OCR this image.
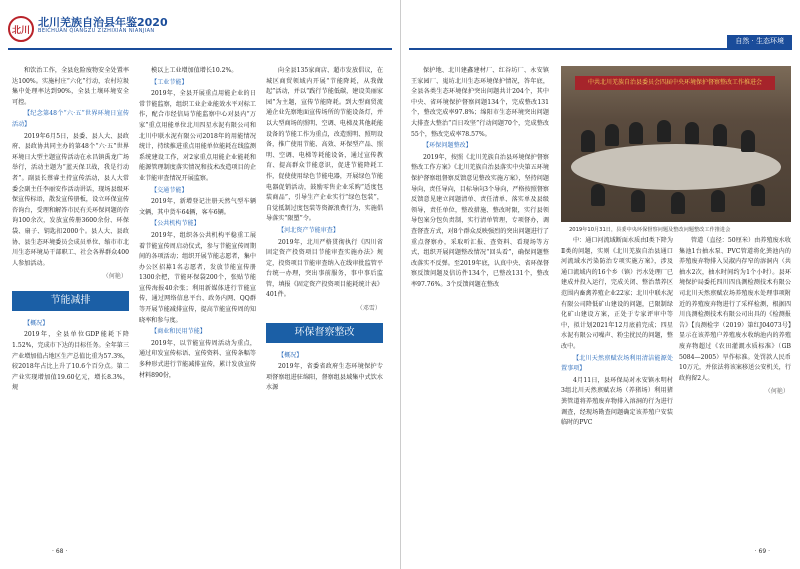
北川
北川羌族自治县年鉴2020
BEICHUAN QIANGZU ZIZHIXIAN NIANJIAN

和饮治工作，全县危险废物安全处置率达100%。实施村庄“六化”行动，农村垃圾集中处理率达到90%，全县土壤环境安全可控。

【纪念第48个“六·五”世界环境日宣传活动】

2019年6月5日，县委、县人大、县政府、县政协共同主办的第48个“六·五”世界环境日大型主题宣传活动在永昌镇禹龙广场举行，活动主题为“蓝天保卫战，我是行动者”。副县长蔡睿主持宣传活动，县人大常委会副主任李丽安作活动讲话，现场县级环保宣传标语，散发宣传册板，设立环保宣传咨询台，受理和解答市民有关环保问题的咨询100余次，发放宣传册3600余份、环保袋、扇子、钥匙扣2000个。县人大、县政协、县生态环境委员会成员单位、缩市市北川生态环境局干部职工、社会各界群众400人参加活动。

（何艳）
节能减排

【概况】

2019年，全县单位GDP能耗下降1.52%，完成市下达的目标任务。全年第三产业增加值占地区生产总值比重为57.3%，较2018年占比上升了10.6个百分点。第二产业实现增加值19.60亿元，增长8.3%，规

模以上工业增加值增长10.2%。

【工业节能】

2019年，全县开展重点用能企业的日常节能监察，组织工业企业能效水平对标工作，配合市经信局节能监察中心对县内“万家”重点用能单位北川四星水泥有限公司和北川中联水泥有限公司2018年的用能情况统计，持续推进重点用能单位能耗在线监测系统建设工作，对2家重点用能企业能耗和能源管理制度落实情况和技术改造项目的企业节能审查情况开展监察。

【交通节能】

2019年，新增登记注册天然气型车辆文辆，其中货车64辆，客车6辆。

【公共机构节能】

2019年，组织各公共机构平稳重工展着节能宣传周启动仪式，参与节能宣传周期间的各项活动；组织开展节能志愿者，集中办公区招募1名志愿者，发放节能宣传册1300余把，节能环保袋200个，张贴节能宣传海报40余张；利用新媒体进行节能宣传，通过网络信息平台、政务内网、QQ群等开展节能减排宣传，提高节能宣传周的知晓率和参与度。

【商业和民用节能】

2019年，以节能宣传周活动为重点，通过印发宣传标语、宣传资料、宣传条幅等多种形式进行节能减排宣传，累计发放宣传材料890份，

向全县135家商店、超市发放倡议，在城区商贸领域内开展“节能降耗，从我做起”活动，并以“践行节能低碳，建设美丽家园”为主题，宣传节能降耗。到大型商贸流通企业先察地面宣传场所的节能设备灯，并以大型商场的照明、空调、电梯及其他耗能设备的节能工作为重点，改造照明、照明设备，推广使用节能、高效、环保型产品、照明、空调、电梯等耗能设备，通过宣传教育、提高群众节能意识，促进节能降耗工作，促使使用绿色节能电器，开展绿色节能电器促销活动，鼓励零售企业采购“适度包装商品”，引导生产企业实行“绿色包装”，自觉抵制过度包装等资源浪费行为，实施倡导落实“限塑”令。

【河北资产节能审查】

2019年，北川严格贯彻执行《四川省固定资产投资项目节能审查实施办法》规定，投资项目节能审查纳入在线审批监管平台统一办理，突出事前服务，事中事后监管，填报《固定资产投资项目能耗统计表》401件。

（邓雪）
环保督察整改

【概况】

2019年，省委省政府生态环境保护专项督察组进驻绵阳，督察组县域集中式饮水水源

· 68 ·
自然 · 生态环境

保护地、北川建鑫建材厂、红谷坊厂、永安镇王家园厂、嵬坊北川生态环境保护情况，答年底，全县各类生态环境保护突出问题共计204个，其中中央、省环境保护督察问题134个，完成整改131个，整改完成率97.8%；绵阳市生态环境突出问题大排查大整治“百日攻坚”行动问题70个，完成整改55个，整改完成率78.57%。

【环保问题整改】

2019年，按照《北川羌族自治县环境保护督察整改工作方案》《北川羌族自治县落实中央第五环境保护督察组督察反馈意见整改实施方案》，坚持问题导向，责任导向，目标导向3个导向，严格按照督察反馈意见建立问题清单、责任清单、落实单及县级领导，责任单位，整改措施、整改时限，实行县领导包案分包负责制，实行清单管理，专项督办，调查督查方式，对8个群众反映强烈的突出问题进行了重点督察办，采取听汇报、查资料、看现场等方式，组织开展问题整改情况“回头看”，确保问题整改落实不反弹。至2019年底，认真中央、省环保督察反馈问题及信访件134个，已整改131个，整改率97.76%。3个反馈问题在整改

中共北川羌族自治县委员会四届中央环境保护督察整改工作推进会
2019年10月31日，县委中央环保督察问题及整改问题整改工作推进会

中：通口河流域断面水质由Ⅰ类下降为Ⅱ类的问题，实则《北川羌族自治县通口河流域水污染防治专项实施方案》，涉及通口流域内的16个乡（镇）污水处理厂已建成并投入运行，完成关闭、整治禁养区范围内畜禽养殖企业22家；北川中联水泥有限公司降低矿山建设的问题，已限制绿化矿山建设方案，正处于专家评审中等中，拟计划2021年12月底前完成；四星水泥有限公司噪声、粉尘扰民的问题，整改中。

【北川天然禀赋农场利用清洁能源处置事项】

4月11日，县环保局对永安镇永明村3组北川天然禀赋农场（养猪场）利用猪粪管道将养殖废弃物排入溶洞的行为进行调查，经现场勘查问题确定该养殖户安装临时的PVC

管道（直径：50厘米）由养殖废水收集池1台抽水泵、PVC管道将化粪池内的养殖废弃物排入吴淑内存窄的溶洞内（共抽水2次，抽水时间约为1个小时）。县环境保护局委托四川四良测检测技术有限公司北川天然禀赋农场养殖废水处理事项附近的养殖废弃物进行了采样检测，根据四川良测检测技术有限公司出具的《检测报告》【良测检字（2019）第红J04073号】显示在该养殖户养殖废水收纳池内的养殖废弃物超过《农田灌溉水质标准》（GB 5084—2005）旱作标准。处罚款人民币10万元，并依法将该案移送公安机关，行政拘留2人。

（何艳）
· 69 ·
